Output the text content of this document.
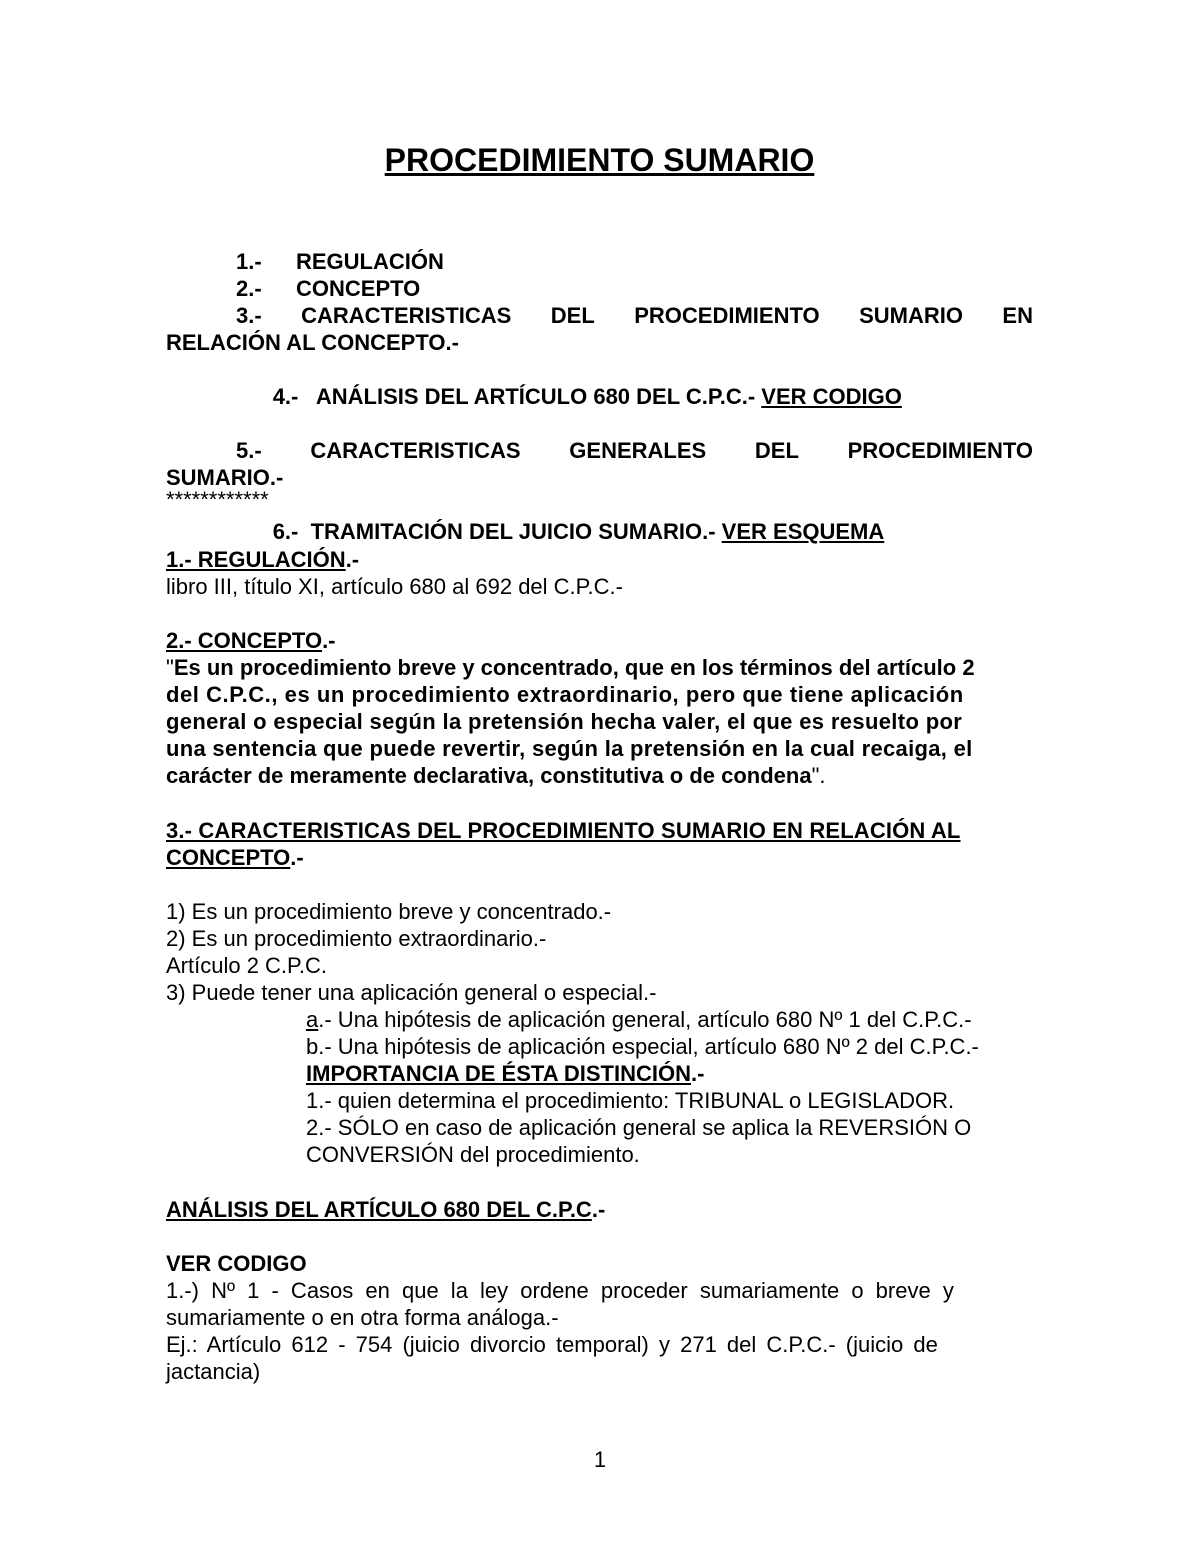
PROCEDIMIENTO SUMARIO
1.- REGULACIÓN
2.- CONCEPTO
3.- CARACTERISTICAS DEL PROCEDIMIENTO SUMARIO EN
RELACIÓN AL CONCEPTO.-

4.-   ANÁLISIS DEL ARTÍCULO 680 DEL C.P.C.- VER CODIGO

5.- CARACTERISTICAS GENERALES DEL PROCEDIMIENTO
SUMARIO.-

6.-  TRAMITACIÓN DEL JUICIO SUMARIO.- VER ESQUEMA

************
1.- REGULACIÓN.-
libro III, título XI, artículo 680 al 692 del C.P.C.-
2.- CONCEPTO.-
"Es un procedimiento breve y concentrado, que en los términos del artículo 2
del C.P.C., es un procedimiento extraordinario, pero que tiene aplicación
general o especial según la pretensión hecha valer, el que es resuelto por
una sentencia que puede revertir, según la pretensión en la cual recaiga, el
carácter de meramente declarativa, constitutiva o de condena".
3.- CARACTERISTICAS DEL PROCEDIMIENTO SUMARIO EN RELACIÓN AL
CONCEPTO.-
1) Es un procedimiento breve y concentrado.-
2) Es un procedimiento extraordinario.-
Artículo 2 C.P.C.
3) Puede tener una aplicación general o especial.-
a.- Una hipótesis de aplicación general, artículo 680 Nº 1 del C.P.C.-
b.- Una hipótesis de aplicación especial, artículo 680 Nº 2 del C.P.C.-
IMPORTANCIA DE ÉSTA DISTINCIÓN.-
1.- quien determina el procedimiento: TRIBUNAL o LEGISLADOR.
2.- SÓLO en caso de aplicación general se aplica la REVERSIÓN O
CONVERSIÓN del procedimiento.
ANÁLISIS DEL ARTÍCULO 680 DEL C.P.C.-
VER CODIGO
1.-) Nº 1 - Casos en que la ley ordene proceder sumariamente o breve y
sumariamente o en otra forma análoga.-
Ej.: Artículo 612 - 754 (juicio divorcio temporal) y 271 del C.P.C.- (juicio de
jactancia)
1
